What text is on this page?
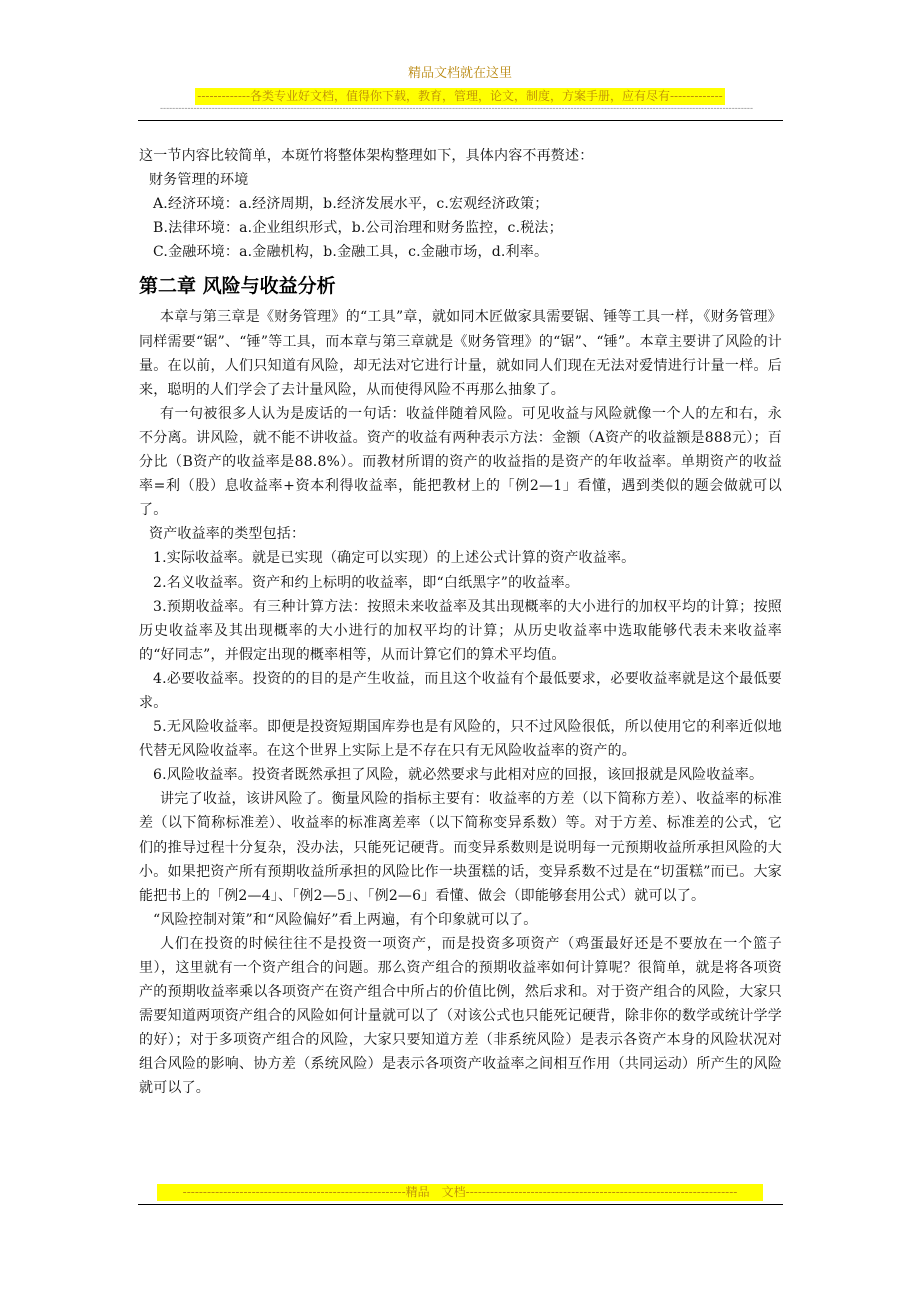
精品文档就在这里
-------------各类专业好文档，值得你下载，教育，管理，论文，制度，方案手册，应有尽有-------------
---------------------------------------------------------------------------------------------------------------------------------------------------------------------------------------------------

这一节内容比较简单，本斑竹将整体架构整理如下，具体内容不再赘述：

财务管理的环境

A.经济环境：a.经济周期，b.经济发展水平，c.宏观经济政策；

B.法律环境：a.企业组织形式，b.公司治理和财务监控，c.税法；

C.金融环境：a.金融机构，b.金融工具，c.金融市场，d.利率。

第二章 风险与收益分析

本章与第三章是《财务管理》的“工具”章，就如同木匠做家具需要锯、锤等工具一样，《财务管理》同样需要“锯”、“锤”等工具，而本章与第三章就是《财务管理》的“锯”、“锤”。本章主要讲了风险的计量。在以前，人们只知道有风险，却无法对它进行计量，就如同人们现在无法对爱情进行计量一样。后来，聪明的人们学会了去计量风险，从而使得风险不再那么抽象了。

有一句被很多人认为是废话的一句话：收益伴随着风险。可见收益与风险就像一个人的左和右，永不分离。讲风险，就不能不讲收益。资产的收益有两种表示方法：金额（A资产的收益额是888元）；百分比（B资产的收益率是88.8%）。而教材所谓的资产的收益指的是资产的年收益率。单期资产的收益率=利（股）息收益率+资本利得收益率，能把教材上的「例2—1」看懂，遇到类似的题会做就可以了。

资产收益率的类型包括：

1.实际收益率。就是已实现（确定可以实现）的上述公式计算的资产收益率。

2.名义收益率。资产和约上标明的收益率，即“白纸黑字”的收益率。

3.预期收益率。有三种计算方法：按照未来收益率及其出现概率的大小进行的加权平均的计算；按照历史收益率及其出现概率的大小进行的加权平均的计算；从历史收益率中选取能够代表未来收益率的“好同志”，并假定出现的概率相等，从而计算它们的算术平均值。

4.必要收益率。投资的的目的是产生收益，而且这个收益有个最低要求，必要收益率就是这个最低要求。

5.无风险收益率。即便是投资短期国库券也是有风险的，只不过风险很低，所以使用它的利率近似地代替无风险收益率。在这个世界上实际上是不存在只有无风险收益率的资产的。

6.风险收益率。投资者既然承担了风险，就必然要求与此相对应的回报，该回报就是风险收益率。

讲完了收益，该讲风险了。衡量风险的指标主要有：收益率的方差（以下简称方差）、收益率的标准差（以下简称标准差）、收益率的标准离差率（以下简称变异系数）等。对于方差、标准差的公式，它们的推导过程十分复杂，没办法，只能死记硬背。而变异系数则是说明每一元预期收益所承担风险的大小。如果把资产所有预期收益所承担的风险比作一块蛋糕的话，变异系数不过是在“切蛋糕”而已。大家能把书上的「例2—4」、「例2—5」、「例2—6」看懂、做会（即能够套用公式）就可以了。

“风险控制对策”和“风险偏好”看上两遍，有个印象就可以了。

人们在投资的时候往往不是投资一项资产，而是投资多项资产（鸡蛋最好还是不要放在一个篮子里），这里就有一个资产组合的问题。那么资产组合的预期收益率如何计算呢？很简单，就是将各项资产的预期收益率乘以各项资产在资产组合中所占的价值比例，然后求和。对于资产组合的风险，大家只需要知道两项资产组合的风险如何计量就可以了（对该公式也只能死记硬背，除非你的数学或统计学学的好）；对于多项资产组合的风险，大家只要知道方差（非系统风险）是表示各资产本身的风险状况对组合风险的影响、协方差（系统风险）是表示各项资产收益率之间相互作用（共同运动）所产生的风险就可以了。

-------------------------------------------------------精品　文档-------------------------------------------------------------------
